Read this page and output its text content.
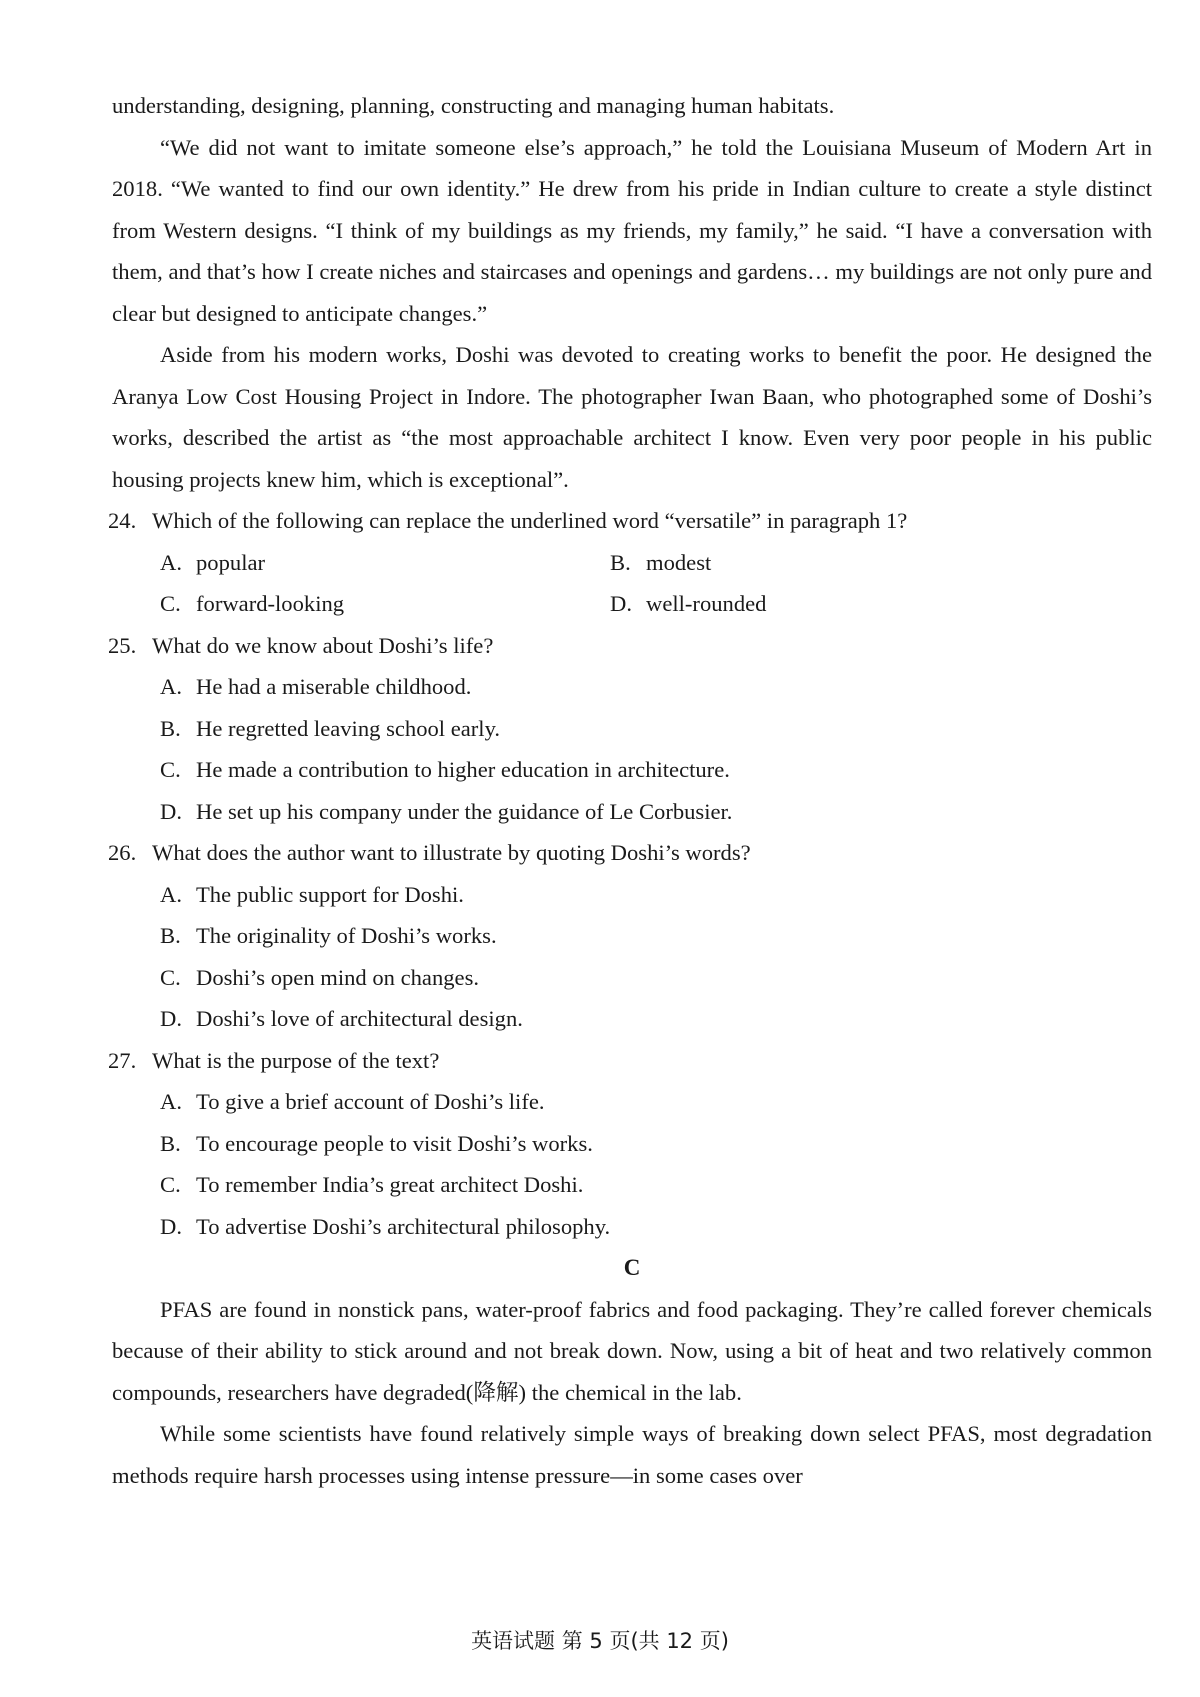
understanding, designing, planning, constructing and managing human habitats.

“We did not want to imitate someone else’s approach,” he told the Louisiana Museum of Modern Art in 2018. “We wanted to find our own identity.” He drew from his pride in Indian culture to create a style distinct from Western designs. “I think of my buildings as my friends, my family,” he said. “I have a conversation with them, and that’s how I create niches and staircases and openings and gardens… my buildings are not only pure and clear but designed to anticipate changes.”

Aside from his modern works, Doshi was devoted to creating works to benefit the poor. He designed the Aranya Low Cost Housing Project in Indore. The photographer Iwan Baan, who photographed some of Doshi’s works, described the artist as “the most approachable architect I know. Even very poor people in his public housing projects knew him, which is exceptional”.

24. Which of the following can replace the underlined word “versatile” in paragraph 1?
A. popular	B. modest
C. forward-looking	D. well-rounded
25. What do we know about Doshi’s life?
A. He had a miserable childhood.
B. He regretted leaving school early.
C. He made a contribution to higher education in architecture.
D. He set up his company under the guidance of Le Corbusier.
26. What does the author want to illustrate by quoting Doshi’s words?
A. The public support for Doshi.
B. The originality of Doshi’s works.
C. Doshi’s open mind on changes.
D. Doshi’s love of architectural design.
27. What is the purpose of the text?
A. To give a brief account of Doshi’s life.
B. To encourage people to visit Doshi’s works.
C. To remember India’s great architect Doshi.
D. To advertise Doshi’s architectural philosophy.
C

PFAS are found in nonstick pans, water-proof fabrics and food packaging. They’re called forever chemicals because of their ability to stick around and not break down. Now, using a bit of heat and two relatively common compounds, researchers have degraded(降解) the chemical in the lab.

While some scientists have found relatively simple ways of breaking down select PFAS, most degradation methods require harsh processes using intense pressure—in some cases over

英语试题 第 5 页(共 12 页)
